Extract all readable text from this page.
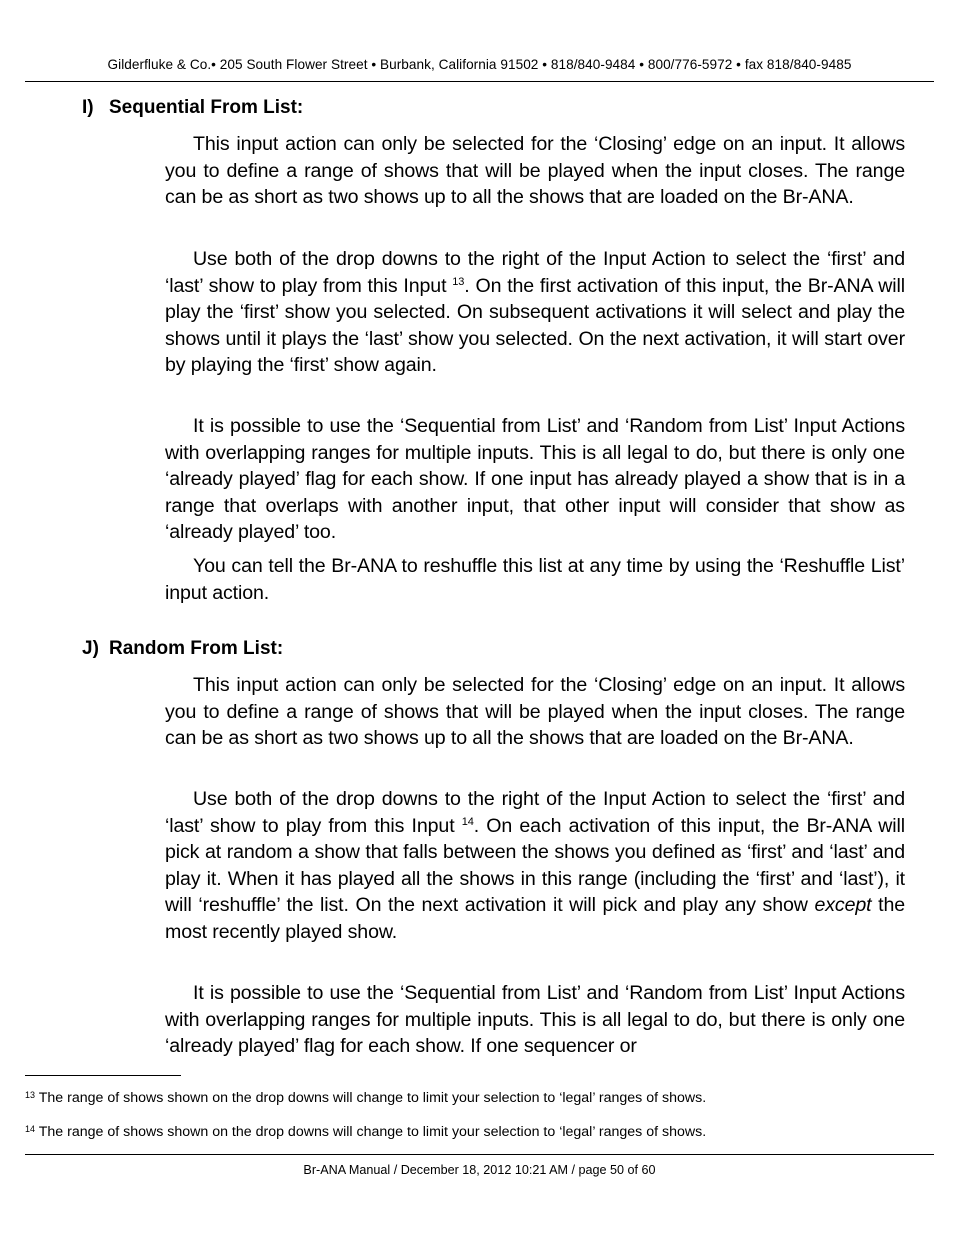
Gilderfluke & Co.• 205 South Flower Street • Burbank, California 91502 • 818/840-9484 • 800/776-5972 • fax 818/840-9485
I) Sequential From List:

This input action can only be selected for the ‘Closing’ edge on an input. It allows you to define a range of shows that will be played when the input closes. The range can be as short as two shows up to all the shows that are loaded on the Br-ANA.

Use both of the drop downs to the right of the Input Action to select the ‘first’ and ‘last’ show to play from this Input $^{13}$. On the first activation of this input, the Br-ANA will play the ‘first’ show you selected. On subsequent activations it will select and play the shows until it plays the ‘last’ show you selected. On the next activation, it will start over by playing the ‘first’ show again.

It is possible to use the ‘Sequential from List’ and ‘Random from List’ Input Actions with overlapping ranges for multiple inputs. This is all legal to do, but there is only one ‘already played’ flag for each show. If one input has already played a show that is in a range that overlaps with another input, that other input will consider that show as ‘already played’ too.

You can tell the Br-ANA to reshuffle this list at any time by using the ‘Reshuffle List’ input action.

J) Random From List:

This input action can only be selected for the ‘Closing’ edge on an input. It allows you to define a range of shows that will be played when the input closes. The range can be as short as two shows up to all the shows that are loaded on the Br-ANA.

Use both of the drop downs to the right of the Input Action to select the ‘first’ and ‘last’ show to play from this Input $^{14}$. On each activation of this input, the Br-ANA will pick at random a show that falls between the shows you defined as ‘first’ and ‘last’ and play it. When it has played all the shows in this range (including the ‘first’ and ‘last’), it will ‘reshuffle’ the list. On the next activation it will pick and play any show except the most recently played show.

It is possible to use the ‘Sequential from List’ and ‘Random from List’ Input Actions with overlapping ranges for multiple inputs. This is all legal to do, but there is only one ‘already played’ flag for each show. If one sequencer or

$^{13}$ The range of shows shown on the drop downs will change to limit your selection to ‘legal’ ranges of shows.
$^{14}$ The range of shows shown on the drop downs will change to limit your selection to ‘legal’ ranges of shows.
Br-ANA Manual / December 18, 2012 10:21 AM / page 50 of 60
